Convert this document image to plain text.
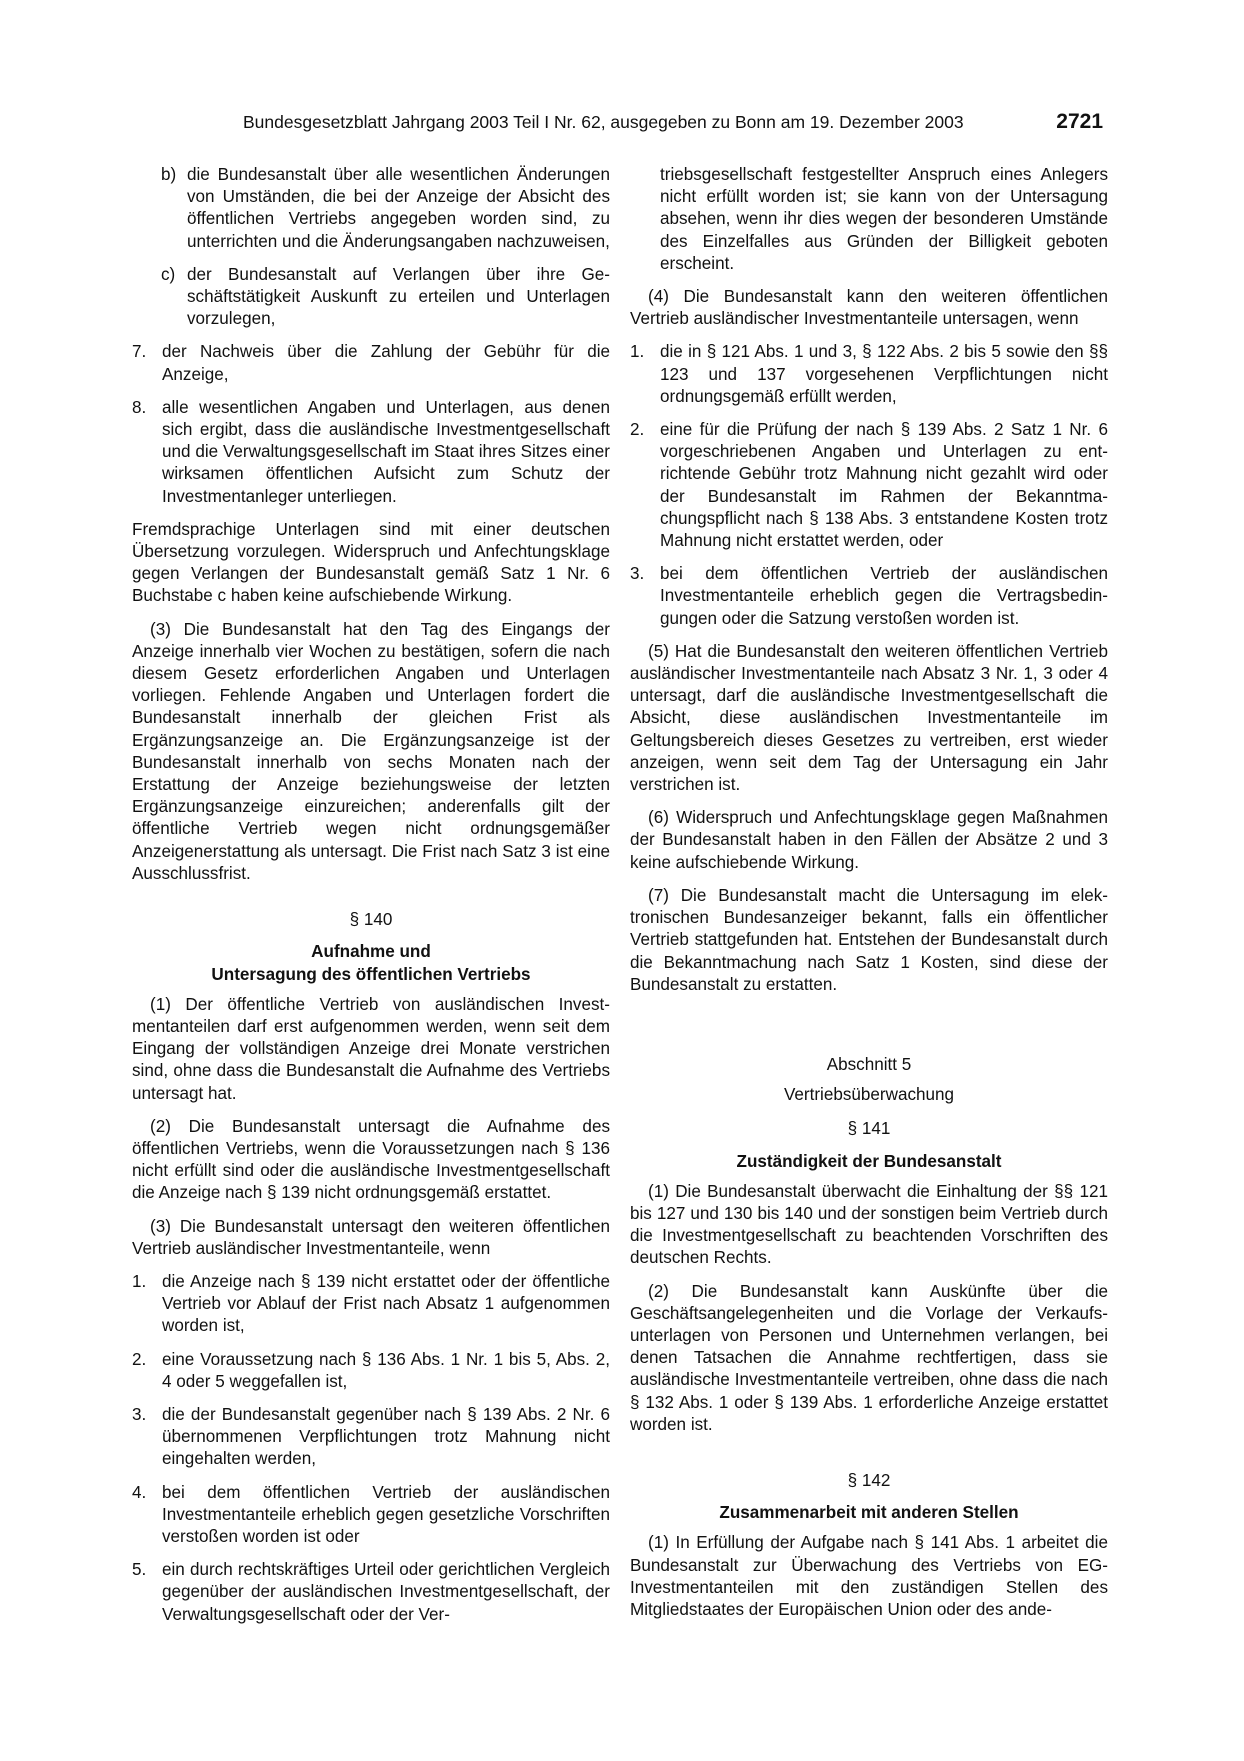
Bundesgesetzblatt Jahrgang 2003 Teil I Nr. 62, ausgegeben zu Bonn am 19. Dezember 2003	2721
b) die Bundesanstalt über alle wesentlichen Änderungen von Umständen, die bei der Anzeige der Absicht des öffentlichen Vertriebs angegeben worden sind, zu unterrichten und die Änderungsangaben nachzuweisen,
c) der Bundesanstalt auf Verlangen über ihre Geschäftstätigkeit Auskunft zu erteilen und Unterlagen vorzulegen,
7. der Nachweis über die Zahlung der Gebühr für die Anzeige,
8. alle wesentlichen Angaben und Unterlagen, aus denen sich ergibt, dass die ausländische Investmentgesellschaft und die Verwaltungsgesellschaft im Staat ihres Sitzes einer wirksamen öffentlichen Aufsicht zum Schutz der Investmentanleger unterliegen.

Fremdsprachige Unterlagen sind mit einer deutschen Übersetzung vorzulegen. Widerspruch und Anfechtungsklage gegen Verlangen der Bundesanstalt gemäß Satz 1 Nr. 6 Buchstabe c haben keine aufschiebende Wirkung.

(3) Die Bundesanstalt hat den Tag des Eingangs der Anzeige innerhalb vier Wochen zu bestätigen, sofern die nach diesem Gesetz erforderlichen Angaben und Unterlagen vorliegen. Fehlende Angaben und Unterlagen fordert die Bundesanstalt innerhalb der gleichen Frist als Ergänzungsanzeige an. Die Ergänzungsanzeige ist der Bundesanstalt innerhalb von sechs Monaten nach der Erstattung der Anzeige beziehungsweise der letzten Ergänzungsanzeige einzureichen; anderenfalls gilt der öffentliche Vertrieb wegen nicht ordnungsgemäßer Anzeigenerstattung als untersagt. Die Frist nach Satz 3 ist eine Ausschlussfrist.

§ 140
Aufnahme und
Untersagung des öffentlichen Vertriebs

(1) Der öffentliche Vertrieb von ausländischen Investmentanteilen darf erst aufgenommen werden, wenn seit dem Eingang der vollständigen Anzeige drei Monate verstrichen sind, ohne dass die Bundesanstalt die Aufnahme des Vertriebs untersagt hat.

(2) Die Bundesanstalt untersagt die Aufnahme des öffentlichen Vertriebs, wenn die Voraussetzungen nach § 136 nicht erfüllt sind oder die ausländische Investmentgesellschaft die Anzeige nach § 139 nicht ordnungsgemäß erstattet.

(3) Die Bundesanstalt untersagt den weiteren öffentlichen Vertrieb ausländischer Investmentanteile, wenn

1. die Anzeige nach § 139 nicht erstattet oder der öffentliche Vertrieb vor Ablauf der Frist nach Absatz 1 aufgenommen worden ist,
2. eine Voraussetzung nach § 136 Abs. 1 Nr. 1 bis 5, Abs. 2, 4 oder 5 weggefallen ist,
3. die der Bundesanstalt gegenüber nach § 139 Abs. 2 Nr. 6 übernommenen Verpflichtungen trotz Mahnung nicht eingehalten werden,
4. bei dem öffentlichen Vertrieb der ausländischen Investmentanteile erheblich gegen gesetzliche Vorschriften verstoßen worden ist oder
5. ein durch rechtskräftiges Urteil oder gerichtlichen Vergleich gegenüber der ausländischen Investmentgesellschaft, der Verwaltungsgesellschaft oder der Ver-
triebsgesellschaft festgestellter Anspruch eines Anlegers nicht erfüllt worden ist; sie kann von der Untersagung absehen, wenn ihr dies wegen der besonderen Umstände des Einzelfalles aus Gründen der Billigkeit geboten erscheint.

(4) Die Bundesanstalt kann den weiteren öffentlichen Vertrieb ausländischer Investmentanteile untersagen, wenn

1. die in § 121 Abs. 1 und 3, § 122 Abs. 2 bis 5 sowie den §§ 123 und 137 vorgesehenen Verpflichtungen nicht ordnungsgemäß erfüllt werden,
2. eine für die Prüfung der nach § 139 Abs. 2 Satz 1 Nr. 6 vorgeschriebenen Angaben und Unterlagen zu entrichtende Gebühr trotz Mahnung nicht gezahlt wird oder der Bundesanstalt im Rahmen der Bekanntmachungspflicht nach § 138 Abs. 3 entstandene Kosten trotz Mahnung nicht erstattet werden, oder
3. bei dem öffentlichen Vertrieb der ausländischen Investmentanteile erheblich gegen die Vertragsbedingungen oder die Satzung verstoßen worden ist.

(5) Hat die Bundesanstalt den weiteren öffentlichen Vertrieb ausländischer Investmentanteile nach Absatz 3 Nr. 1, 3 oder 4 untersagt, darf die ausländische Investmentgesellschaft die Absicht, diese ausländischen Investmentanteile im Geltungsbereich dieses Gesetzes zu vertreiben, erst wieder anzeigen, wenn seit dem Tag der Untersagung ein Jahr verstrichen ist.

(6) Widerspruch und Anfechtungsklage gegen Maßnahmen der Bundesanstalt haben in den Fällen der Absätze 2 und 3 keine aufschiebende Wirkung.

(7) Die Bundesanstalt macht die Untersagung im elektronischen Bundesanzeiger bekannt, falls ein öffentlicher Vertrieb stattgefunden hat. Entstehen der Bundesanstalt durch die Bekanntmachung nach Satz 1 Kosten, sind diese der Bundesanstalt zu erstatten.

Abschnitt 5
Vertriebsüberwachung
§ 141
Zuständigkeit der Bundesanstalt

(1) Die Bundesanstalt überwacht die Einhaltung der §§ 121 bis 127 und 130 bis 140 und der sonstigen beim Vertrieb durch die Investmentgesellschaft zu beachtenden Vorschriften des deutschen Rechts.

(2) Die Bundesanstalt kann Auskünfte über die Geschäftsangelegenheiten und die Vorlage der Verkaufsunterlagen von Personen und Unternehmen verlangen, bei denen Tatsachen die Annahme rechtfertigen, dass sie ausländische Investmentanteile vertreiben, ohne dass die nach § 132 Abs. 1 oder § 139 Abs. 1 erforderliche Anzeige erstattet worden ist.

§ 142
Zusammenarbeit mit anderen Stellen

(1) In Erfüllung der Aufgabe nach § 141 Abs. 1 arbeitet die Bundesanstalt zur Überwachung des Vertriebs von EG-Investmentanteilen mit den zuständigen Stellen des Mitgliedstaates der Europäischen Union oder des ande-
